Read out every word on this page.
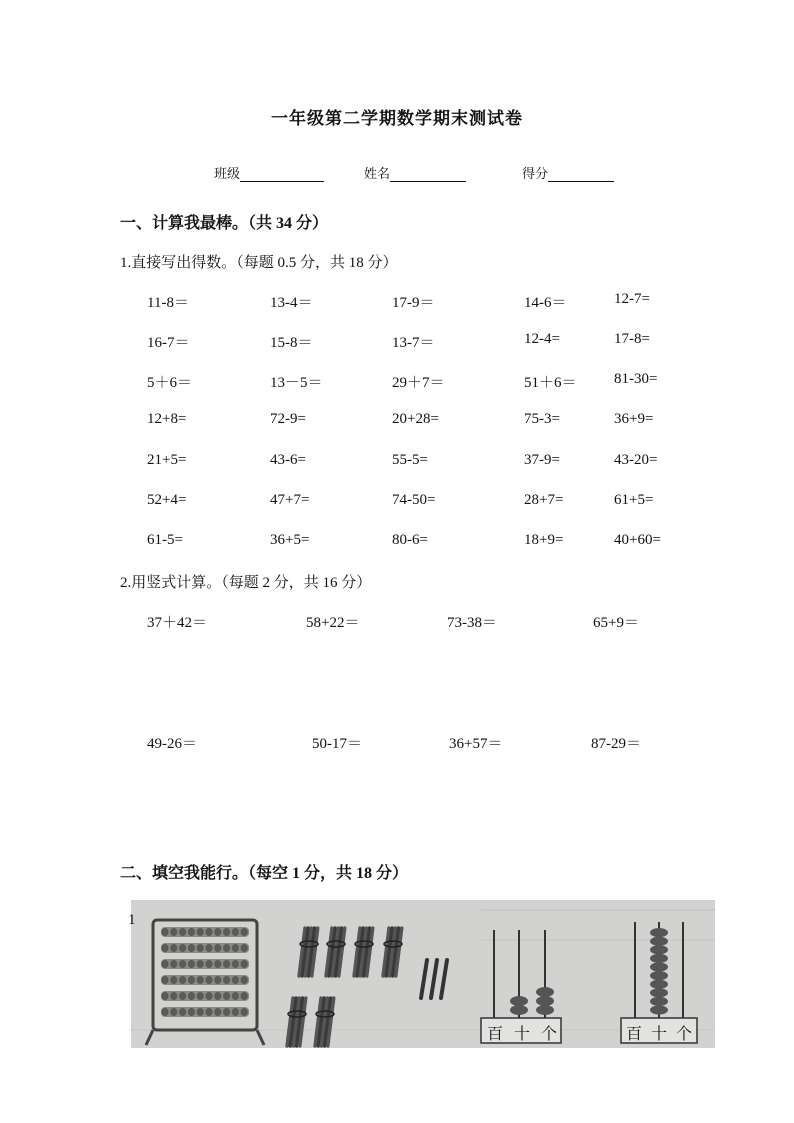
一年级第二学期数学期末测试卷
班级	姓名	得分
一、计算我最棒。（共 34 分）
1.直接写出得数。（每题 0.5 分，共 18 分）
11-8＝	13-4＝	17-9＝	14-6＝	12-7=
16-7＝	15-8＝	13-7＝	12-4=	17-8=
5＋6＝	13－5＝	29＋7＝	51＋6＝ 81-30=
12+8=	72-9=	20+28=	75-3=	36+9=
21+5=	43-6=	55-5=	37-9=	43-20=
52+4=	47+7=	74-50=	28+7=	61+5=
61-5=	36+5=	80-6=	18+9=	40+60=
2.用竖式计算。（每题 2 分，共 16 分）
37＋42＝	58+22＝	73-38＝	65+9＝
49-26＝	50-17＝	36+57＝	87-29＝
二、填空我能行。（每空 1 分，共 18 分）
百 十 个	百 十 个
1
